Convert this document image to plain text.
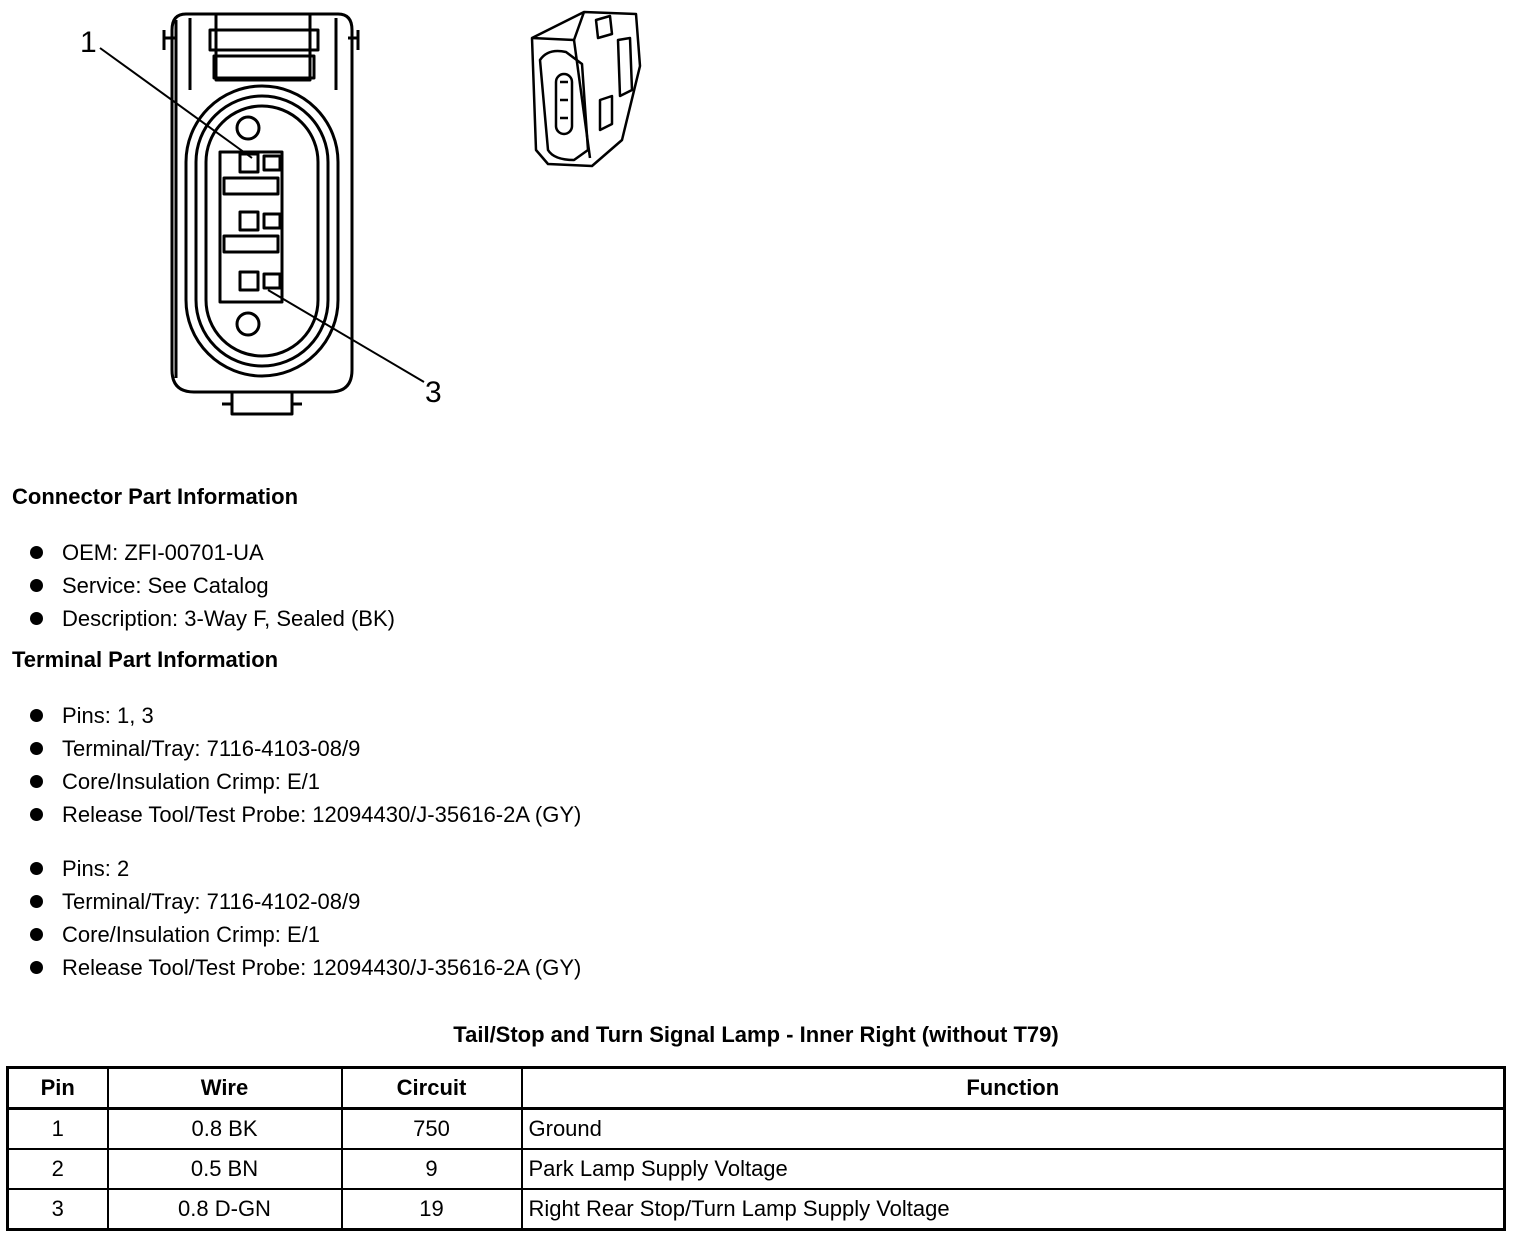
1
3
Connector Part Information
OEM: ZFI-00701-UA
Service: See Catalog
Description: 3-Way F, Sealed (BK)
Terminal Part Information
Pins: 1, 3
Terminal/Tray: 7116-4103-08/9
Core/Insulation Crimp: E/1
Release Tool/Test Probe: 12094430/J-35616-2A (GY)
Pins: 2
Terminal/Tray: 7116-4102-08/9
Core/Insulation Crimp: E/1
Release Tool/Test Probe: 12094430/J-35616-2A (GY)
Tail/Stop and Turn Signal Lamp - Inner Right (without T79)
Pin	Wire	Circuit	Function
1	0.8 BK	750	Ground
2	0.5 BN	9	Park Lamp Supply Voltage
3	0.8 D-GN	19	Right Rear Stop/Turn Lamp Supply Voltage
